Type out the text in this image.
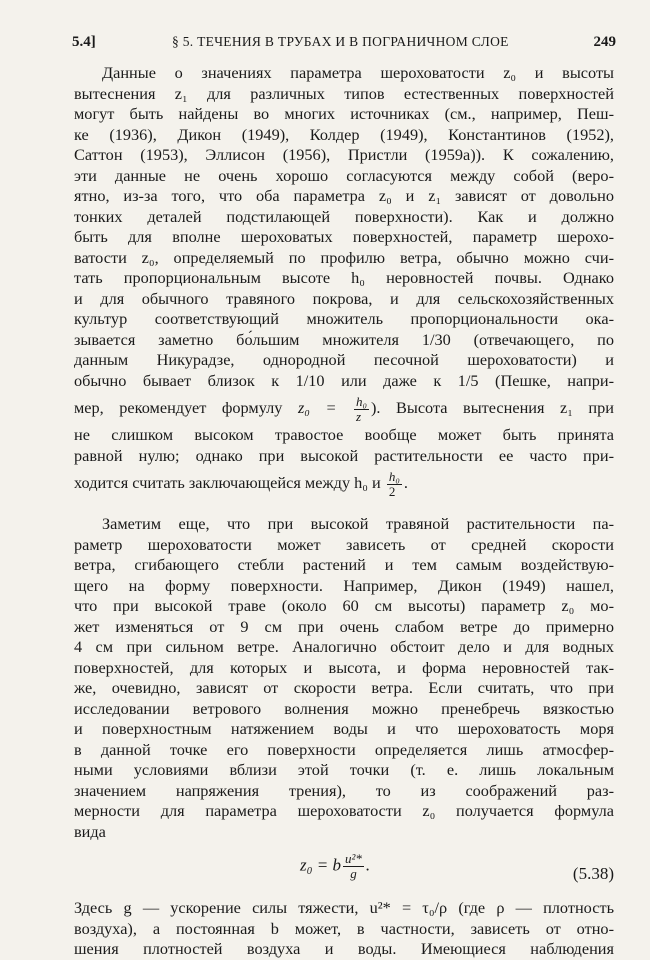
5.4]	§ 5. ТЕЧЕНИЯ В ТРУБАХ И В ПОГРАНИЧНОМ СЛОЕ	249
Данные о значениях параметра шероховатости z₀ и высоты
вытеснения z₁ для различных типов естественных поверхностей
могут быть найдены во многих источниках (см., например, Пеш-
ке (1936), Дикон (1949), Колдер (1949), Константинов (1952),
Саттон (1953), Эллисон (1956), Пристли (1959а)). К сожалению,
эти данные не очень хорошо согласуются между собой (веро-
ятно, из-за того, что оба параметра z₀ и z₁ зависят от довольно
тонких деталей подстилающей поверхности). Как и должно
быть для вполне шероховатых поверхностей, параметр шерохо-
ватости z₀, определяемый по профилю ветра, обычно можно счи-
тать пропорциональным высоте h₀ неровностей почвы. Однако
и для обычного травяного покрова, и для сельскохозяйственных
культур соответствующий множитель пропорциональности ока-
зывается заметно бо́льшим множителя 1/30 (отвечающего, по
данным Никурадзе, однородной песочной шероховатости) и
обычно бывает близок к 1/10 или даже к 1/5 (Пешке, напри-
мер, рекомендует формулу $z_0 = \frac{\text{h₀}}{z}$ ). Высота вытеснения z₁ при
не слишком высоком травостое вообще может быть принята
равной нулю; однако при высокой растительности ее часто при-
ходится считать заключающейся между h₀ и $\frac{\text{h₀}}{2}$ .
Заметим еще, что при высокой травяной растительности па-
раметр шероховатости может зависеть от средней скорости
ветра, сгибающего стебли растений и тем самым воздействую-
щего на форму поверхности. Например, Дикон (1949) нашел,
что при высокой траве (около 60 см высоты) параметр z₀ мо-
жет изменяться от 9 см при очень слабом ветре до примерно
4 см при сильном ветре. Аналогично обстоит дело и для водных
поверхностей, для которых и высота, и форма неровностей так-
же, очевидно, зависят от скорости ветра. Если считать, что при
исследовании ветрового волнения можно пренебречь вязкостью
и поверхностным натяжением воды и что шероховатость моря
в данной точке его поверхности определяется лишь атмосфер-
ными условиями вблизи этой точки (т. е. лишь локальным
значением напряжения трения), то из соображений раз-
мерности для параметра шероховатости z₀ получается формула
вида
z₀ = b $\frac{\text{u²*}}{g}$ .	(5.38)
Здесь g — ускорение силы тяжести, u²* = τ₀/ρ (где ρ — плотность
воздуха), а постоянная b может, в частности, зависеть от отно-
шения плотностей воздуха и воды. Имеющиеся наблюдения
